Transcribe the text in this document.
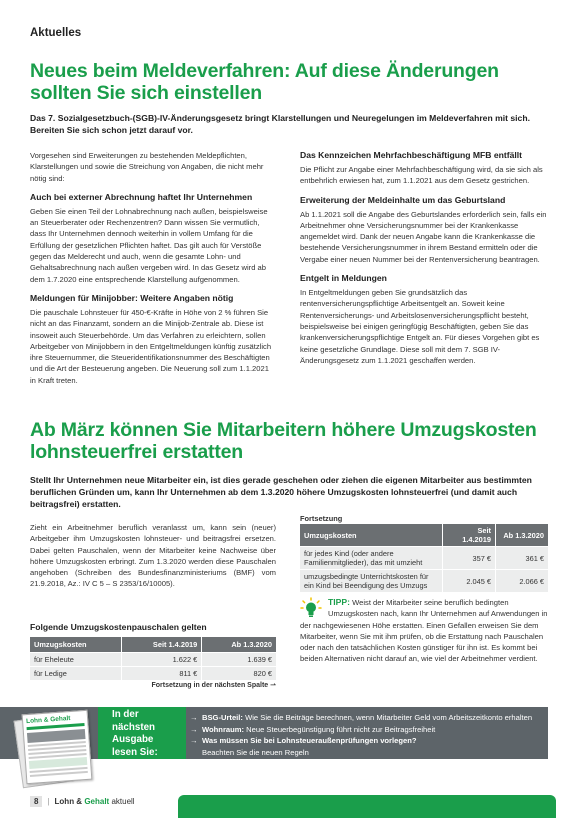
Aktuelles
Neues beim Meldeverfahren: Auf diese Änderungen sollten Sie sich einstellen
Das 7. Sozialgesetzbuch-(SGB)-IV-Änderungsgesetz bringt Klarstellungen und Neuregelungen im Meldeverfahren mit sich. Bereiten Sie sich schon jetzt darauf vor.

Vorgesehen sind Erweiterungen zu bestehenden Meldepflichten, Klarstellungen und sowie die Streichung von Angaben, die nicht mehr nötig sind:

Auch bei externer Abrechnung haftet Ihr Unternehmen

Geben Sie einen Teil der Lohnabrechnung nach außen, beispielsweise an Steuerberater oder Rechenzentren? Dann wissen Sie vermutlich, dass Ihr Unternehmen dennoch weiterhin in vollem Umfang für die Erfüllung der gesetzlichen Pflichten haftet. Das gilt auch für Verstöße gegen das Melderecht und auch, wenn die gesamte Lohn- und Gehaltsabrechnung nach außen vergeben wird. In das Gesetz wird ab dem 1.7.2020 eine entsprechende Klarstellung aufgenommen.

Meldungen für Minijobber: Weitere Angaben nötig

Die pauschale Lohnsteuer für 450-€-Kräfte in Höhe von 2 % führen Sie nicht an das Finanzamt, sondern an die Minijob-Zentrale ab. Diese ist insoweit auch Steuerbehörde. Um das Verfahren zu erleichtern, sollen Arbeitgeber von Minijobbern in den Entgeltmeldungen künftig zusätzlich ihre Steuernummer, die Steueridentifikationsnummer des Beschäftigten und die Art der Besteuerung angeben. Die Neuerung soll zum 1.1.2021 in Kraft treten.

Das Kennzeichen Mehrfachbeschäftigung MFB entfällt

Die Pflicht zur Angabe einer Mehrfachbeschäftigung wird, da sie sich als entbehrlich erwiesen hat, zum 1.1.2021 aus dem Gesetz gestrichen.

Erweiterung der Meldeinhalte um das Geburtsland

Ab 1.1.2021 soll die Angabe des Geburtslandes erforderlich sein, falls ein Arbeitnehmer ohne Versicherungsnummer bei der Krankenkasse angemeldet wird. Dank der neuen Angabe kann die Krankenkasse die bestehende Versicherungsnummer in ihrem Bestand ermitteln oder die Vergabe einer neuen Nummer bei der Rentenversicherung beantragen.

Entgelt in Meldungen

In Entgeltmeldungen geben Sie grundsätzlich das rentenversicherungspflichtige Arbeitsentgelt an. Soweit keine Rentenversicherungs- und Arbeitslosenversicherungspflicht besteht, beispielsweise bei einigen geringfügig Beschäftigten, geben Sie das krankenversicherungspflichtige Entgelt an. Für dieses Vorgehen gibt es keine gesetzliche Grundlage. Diese soll mit dem 7. SGB IV-Änderungsgesetz zum 1.1.2021 geschaffen werden.

Ab März können Sie Mitarbeitern höhere Umzugskosten lohnsteuerfrei erstatten
Stellt Ihr Unternehmen neue Mitarbeiter ein, ist dies gerade geschehen oder ziehen die eigenen Mitarbeiter aus bestimmten beruflichen Gründen um, kann Ihr Unternehmen ab dem 1.3.2020 höhere Umzugskosten lohnsteuerfrei (und damit auch beitragsfrei) erstatten.
Zieht ein Arbeitnehmer beruflich veranlasst um, kann sein (neuer) Arbeitgeber ihm Umzugskosten lohnsteuer- und beitragsfrei ersetzen. Dabei gelten Pauschalen, wenn der Mitarbeiter keine Nachweise über höhere Umzugskosten erbringt. Zum 1.3.2020 werden diese Pauschalen angehoben (Schreiben des Bundesfinanzministeriums (BMF) vom 21.9.2018, Az.: IV C 5 – S 2353/16/10005).
Folgende Umzugskostenpauschalen gelten
Umzugskosten	Seit 1.4.2019	Ab 1.3.2020
für Eheleute	1.622 €	1.639 €
für Ledige	811 €	820 €
Fortsetzung in der nächsten Spalte ⇀
Fortsetzung
Umzugskosten	Seit 1.4.2019	Ab 1.3.2020
für jedes Kind (oder andere Familienmitglieder), das mit umzieht	357 €	361 €
umzugsbedingte Unterrichtskosten für ein Kind bei Beendigung des Umzugs	2.045 €	2.066 €
TIPP: Weist der Mitarbeiter seine beruflich bedingten Umzugskosten nach, kann Ihr Unternehmen auf Anwendungen in der nachgewiesenen Höhe erstatten. Einen Gefallen erweisen Sie dem Mitarbeiter, wenn Sie mit ihm prüfen, ob die Erstattung nach Pauschalen oder nach den tatsächlichen Kosten günstiger für ihn ist. Es kommt bei beiden Alternativen nicht darauf an, wie viel der Arbeitnehmer verdient.
In der
nächsten
Ausgabe
lesen Sie:
→ BSG-Urteil: Wie Sie die Beiträge berechnen, wenn Mitarbeiter Geld vom Arbeitszeitkonto erhalten
→ Wohnraum: Neue Steuerbegünstigung führt nicht zur Beitragsfreiheit
→ Was müssen Sie bei Lohnsteueraußenprüfungen vorlegen?
Beachten Sie die neuen Regeln
Lohn & Gehalt
8	| Lohn & Gehalt aktuell
